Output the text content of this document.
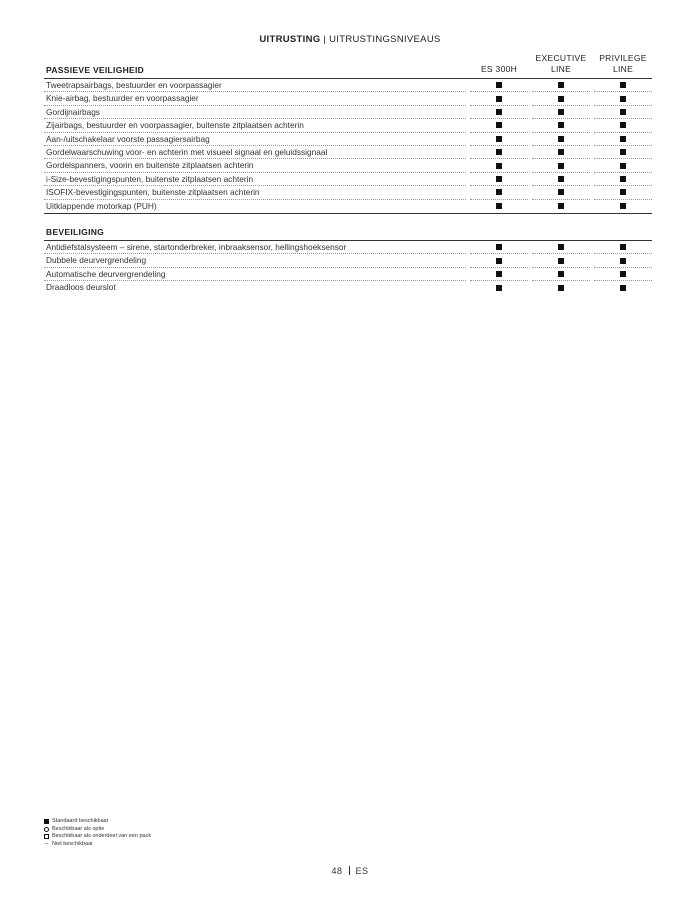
UITRUSTING | UITRUSTINGSNIVEAUS
PASSIEVE VEILIGHEID	ES 300H
EXECUTIVE
LINE
PRIVILEGE
LINE
Tweetrapsairbags, bestuurder en voorpassagier
Knie-airbag, bestuurder en voorpassagier
Gordijnairbags
Zijairbags, bestuurder en voorpassagier, buitenste zitplaatsen achterin
Aan-/uitschakelaar voorste passagiersairbag
Gordelwaarschuwing voor- en achterin met visueel signaal en geluidssignaal
Gordelspanners, voorin en buitenste zitplaatsen achterin
i-Size-bevestigingspunten, buitenste zitplaatsen achterin
ISOFIX-bevestigingspunten, buitenste zitplaatsen achterin
Uitklappende motorkap (PUH)
BEVEILIGING
Antidiefstalsysteem – sirene, startonderbreker, inbraaksensor, hellingshoeksensor
Dubbele deurvergrendeling
Automatische deurvergrendeling
Draadloos deurslot
Standaard beschikbaar
Beschikbaar als optie
Beschikbaar als onderdeel van een pack
– Niet beschikbaar
48 ES
